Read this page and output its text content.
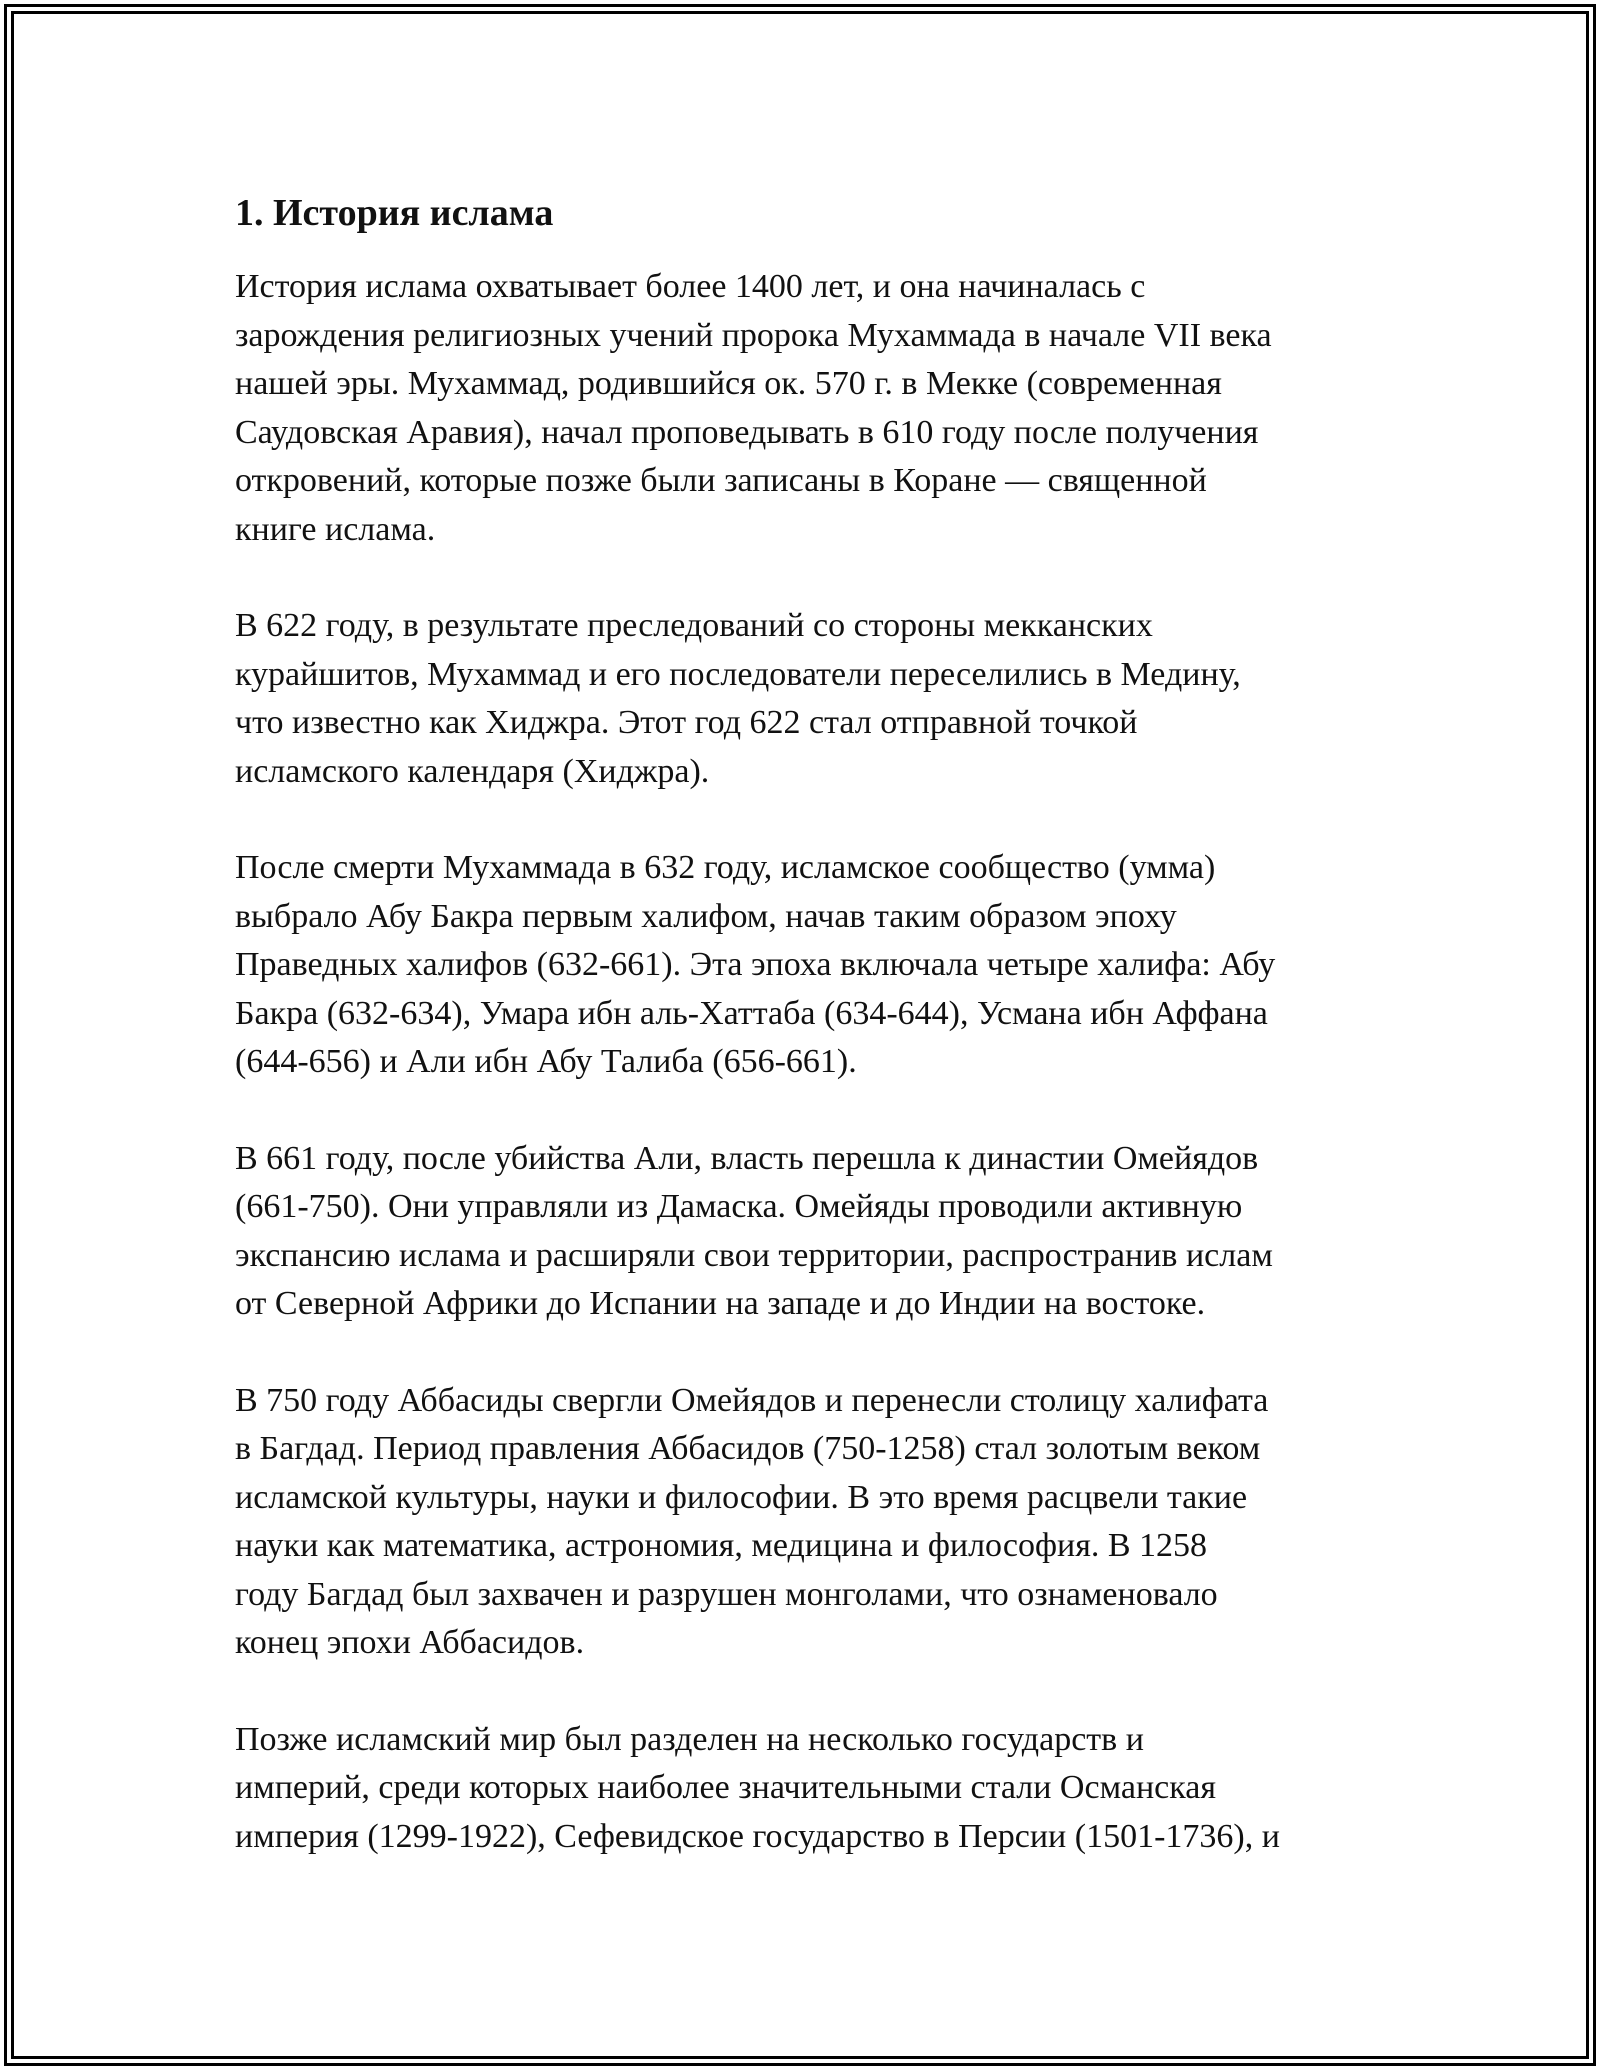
1. История ислама

История ислама охватывает более 1400 лет, и она начиналась с
зарождения религиозных учений пророка Мухаммада в начале VII века
нашей эры. Мухаммад, родившийся ок. 570 г. в Мекке (современная
Саудовская Аравия), начал проповедывать в 610 году после получения
откровений, которые позже были записаны в Коране — священной
книге ислама.

В 622 году, в результате преследований со стороны мекканских
курайшитов, Мухаммад и его последователи переселились в Медину,
что известно как Хиджра. Этот год 622 стал отправной точкой
исламского календаря (Хиджра).

После смерти Мухаммада в 632 году, исламское сообщество (умма)
выбрало Абу Бакра первым халифом, начав таким образом эпоху
Праведных халифов (632-661). Эта эпоха включала четыре халифа: Абу
Бакра (632-634), Умара ибн аль-Хаттаба (634-644), Усмана ибн Аффана
(644-656) и Али ибн Абу Талиба (656-661).

В 661 году, после убийства Али, власть перешла к династии Омейядов
(661-750). Они управляли из Дамаска. Омейяды проводили активную
экспансию ислама и расширяли свои территории, распространив ислам
от Северной Африки до Испании на западе и до Индии на востоке.

В 750 году Аббасиды свергли Омейядов и перенесли столицу халифата
в Багдад. Период правления Аббасидов (750-1258) стал золотым веком
исламской культуры, науки и философии. В это время расцвели такие
науки как математика, астрономия, медицина и философия. В 1258
году Багдад был захвачен и разрушен монголами, что ознаменовало
конец эпохи Аббасидов.

Позже исламский мир был разделен на несколько государств и
империй, среди которых наиболее значительными стали Османская
империя (1299-1922), Сефевидское государство в Персии (1501-1736), и
